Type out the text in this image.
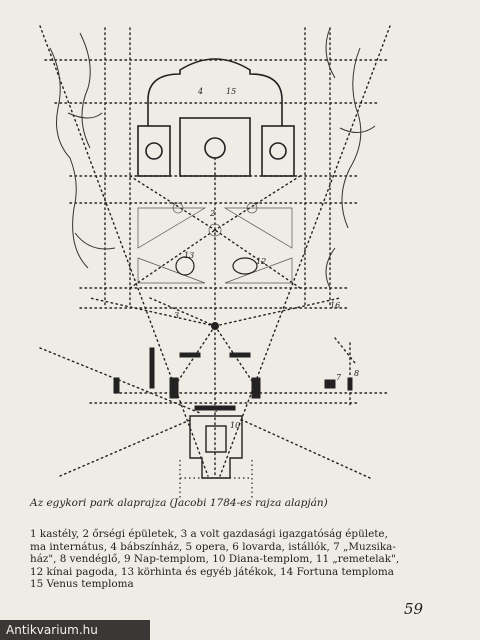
4	15
2
12
13
3
16
7 8
1
10
Az egykori park alaprajza (Jacobi 1784-es rajza alapján)
1 kastély, 2 őrségi épületek, 3 a volt gazdasági igazgatóság épülete,
ma internátus, 4 bábszínház, 5 opera, 6 lovarda, istállók, 7 „Muzsika-
ház", 8 vendéglő, 9 Nap-templom, 10 Diana-templom, 11 „remetelak",
12 kínai pagoda, 13 körhinta és egyéb játékok, 14 Fortuna temploma
15 Venus temploma
59
Antikvarium.hu
